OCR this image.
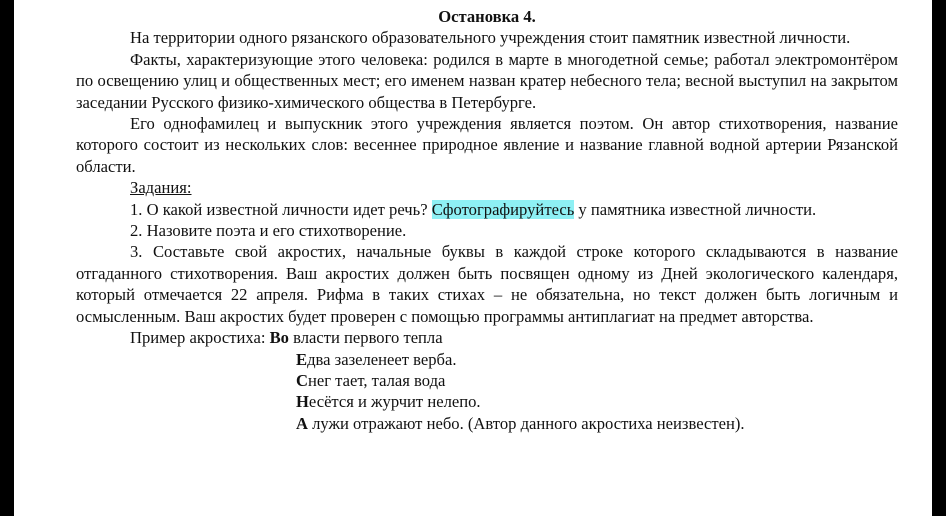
Остановка 4.

На территории одного рязанского образовательного учреждения стоит памятник известной личности.

Факты, характеризующие этого человека: родился в марте в многодетной семье; работал электромонтёром по освещению улиц и общественных мест; его именем назван кратер небесного тела; весной выступил на закрытом заседании Русского физико-химического общества в Петербурге.

Его однофамилец и выпускник этого учреждения является поэтом. Он автор стихотворения, название которого состоит из нескольких слов: весеннее природное явление и название главной водной артерии Рязанской области.

Задания:

1. О какой известной личности идет речь? Сфотографируйтесь у памятника известной личности.

2. Назовите поэта и его стихотворение.

3. Составьте свой акростих, начальные буквы в каждой строке которого складываются в название отгаданного стихотворения. Ваш акростих должен быть посвящен одному из Дней экологического календаря, который отмечается 22 апреля. Рифма в таких стихах – не обязательна, но текст должен быть логичным и осмысленным. Ваш акростих будет проверен с помощью программы антиплагиат на предмет авторства.

Пример акростиха: Во власти первого тепла
Едва зазеленеет верба.
Снег тает, талая вода
Несётся и журчит нелепо.
А лужи отражают небо. (Автор данного акростиха неизвестен).
